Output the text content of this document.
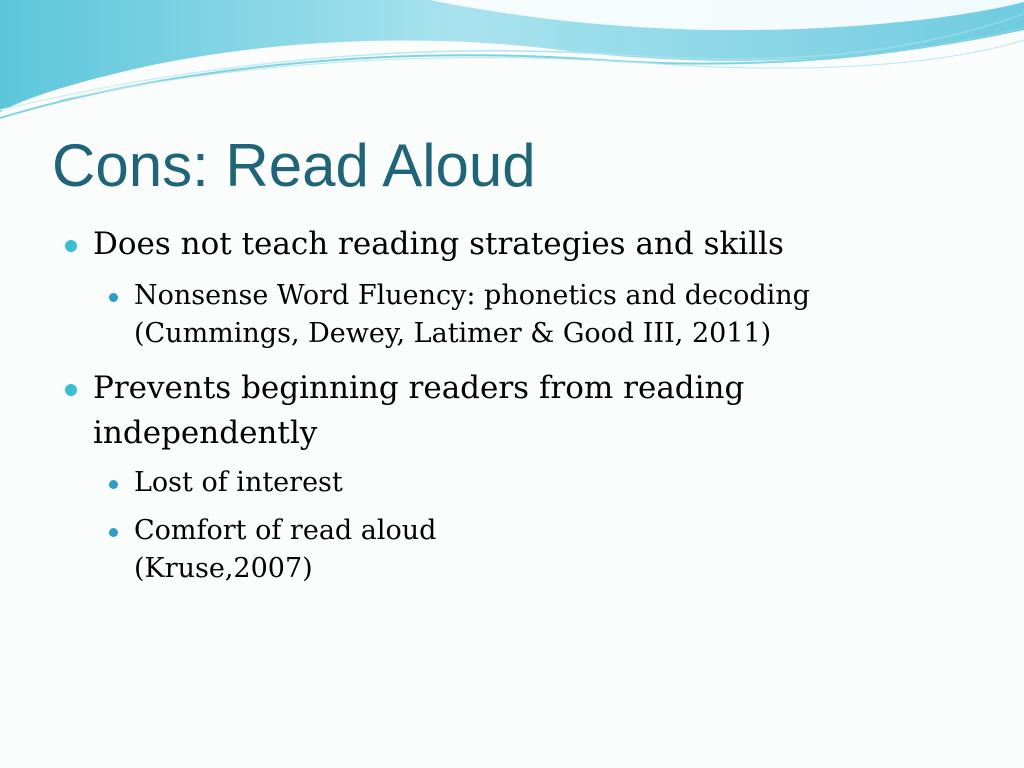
Cons: Read Aloud
Does not teach reading strategies and skills
Nonsense Word Fluency: phonetics and decoding
(Cummings, Dewey, Latimer & Good III, 2011)
Prevents beginning readers from reading
independently
Lost of interest
Comfort of read aloud
(Kruse,2007)
